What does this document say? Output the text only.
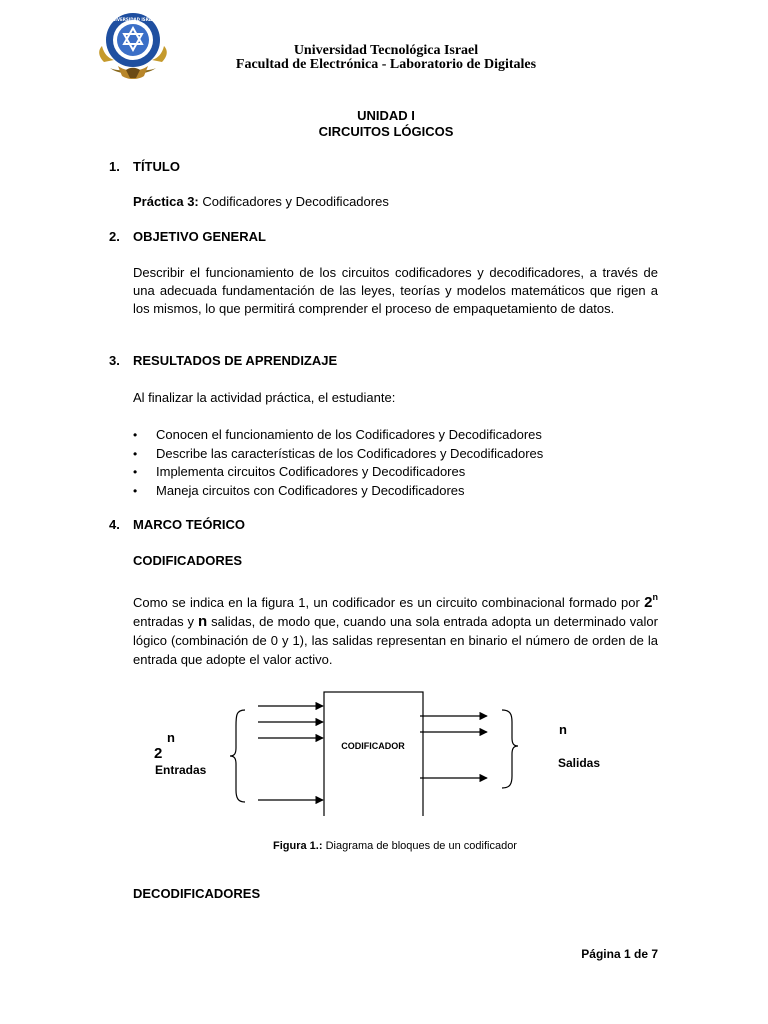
UNIVERSIDAD ISRAEL
Universidad Tecnológica Israel
Facultad de Electrónica - Laboratorio de Digitales
UNIDAD I
CIRCUITOS LÓGICOS
1. TÍTULO
Práctica 3: Codificadores y Decodificadores
2. OBJETIVO GENERAL
Describir el funcionamiento de los circuitos codificadores y decodificadores, a través de una adecuada fundamentación de las leyes, teorías y modelos matemáticos que rigen a los mismos, lo que permitirá comprender el proceso de empaquetamiento de datos.
3. RESULTADOS DE APRENDIZAJE
Al finalizar la actividad práctica, el estudiante:
• Conocen el funcionamiento de los Codificadores y Decodificadores
• Describe las características de los Codificadores y Decodificadores
• Implementa circuitos Codificadores y Decodificadores
• Maneja circuitos con Codificadores y Decodificadores
4. MARCO TEÓRICO
CODIFICADORES
Como se indica en la figura 1, un codificador es un circuito combinacional formado por 2$^n$ entradas y n salidas, de modo que, cuando una sola entrada adopta un determinado valor lógico (combinación de 0 y 1), las salidas representan en binario el número de orden de la entrada que adopte el valor activo.
CODIFICADOR
n
2
Entradas
n
Salidas
Figura 1.: Diagrama de bloques de un codificador
DECODIFICADORES
Página 1 de 7
